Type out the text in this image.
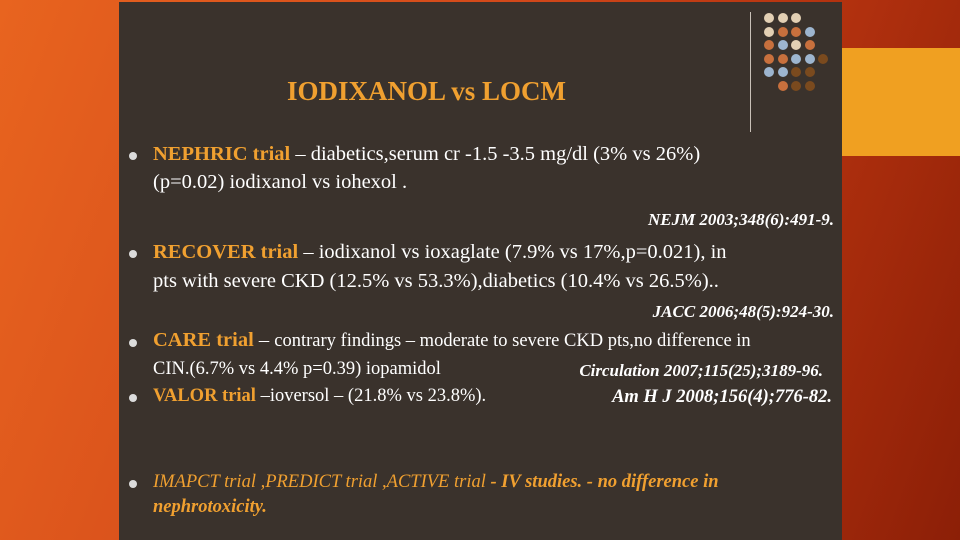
IODIXANOL vs LOCM

NEPHRIC trial – diabetics,serum cr -1.5 -3.5 mg/dl (3% vs 26%)

(p=0.02) iodixanol vs iohexol .

NEJM 2003;348(6):491-9.

RECOVER trial – iodixanol vs ioxaglate (7.9% vs 17%,p=0.021), in

pts with severe CKD (12.5% vs 53.3%),diabetics (10.4% vs 26.5%)..

JACC 2006;48(5):924-30.

CARE trial – contrary findings – moderate to severe CKD pts,no difference in

CIN.(6.7% vs 4.4% p=0.39) iopamidol	Circulation 2007;115(25);3189-96.

VALOR trial –ioversol – (21.8% vs 23.8%).	Am H J 2008;156(4);776-82.

IMAPCT trial ,PREDICT trial ,ACTIVE trial - IV studies. - no difference in

nephrotoxicity.
